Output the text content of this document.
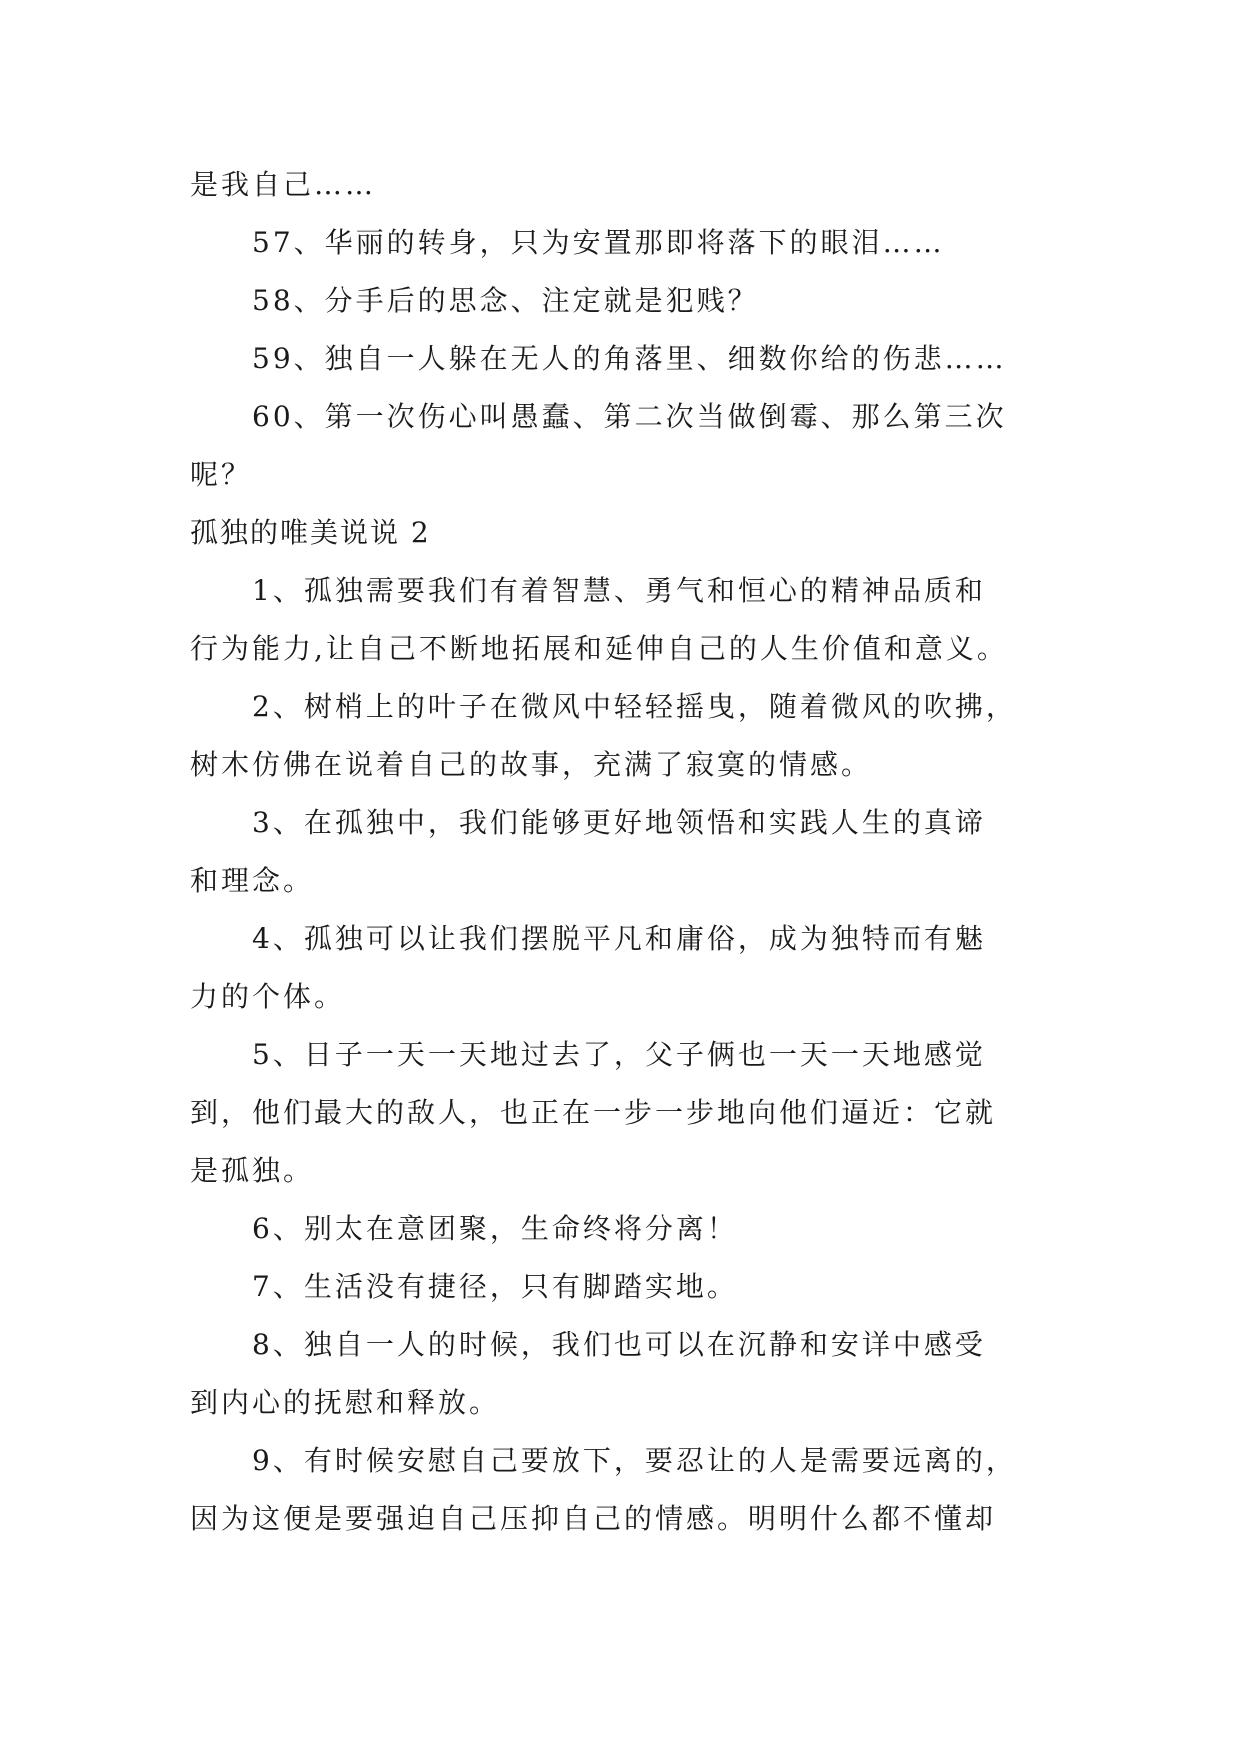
是我自己……
57、华丽的转身，只为安置那即将落下的眼泪……
58、分手后的思念、注定就是犯贱？
59、独自一人躲在无人的角落里、细数你给的伤悲……
60、第一次伤心叫愚蠢、第二次当做倒霉、那么第三次
呢？
孤独的唯美说说 2
1、孤独需要我们有着智慧、勇气和恒心的精神品质和
行为能力,让自己不断地拓展和延伸自己的人生价值和意义。
2、树梢上的叶子在微风中轻轻摇曳，随着微风的吹拂，
树木仿佛在说着自己的故事，充满了寂寞的情感。
3、在孤独中，我们能够更好地领悟和实践人生的真谛
和理念。
4、孤独可以让我们摆脱平凡和庸俗，成为独特而有魅
力的个体。
5、日子一天一天地过去了，父子俩也一天一天地感觉
到，他们最大的敌人，也正在一步一步地向他们逼近：它就
是孤独。
6、别太在意团聚，生命终将分离！
7、生活没有捷径，只有脚踏实地。
8、独自一人的时候，我们也可以在沉静和安详中感受
到内心的抚慰和释放。
9、有时候安慰自己要放下，要忍让的人是需要远离的，
因为这便是要强迫自己压抑自己的情感。明明什么都不懂却
